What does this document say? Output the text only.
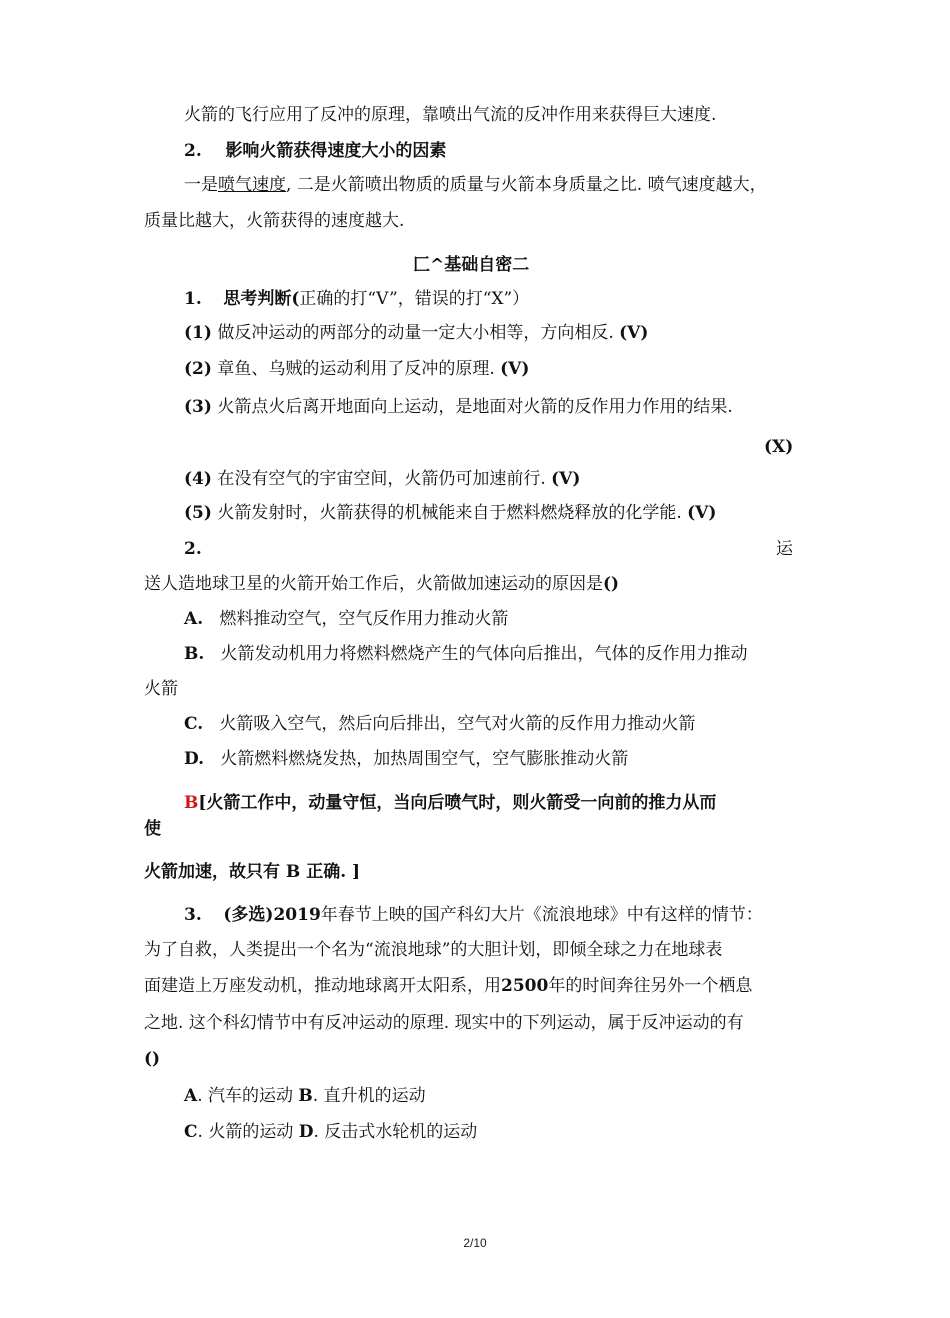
火箭的飞行应用了反冲的原理，靠喷出气流的反冲作用来获得巨大速度.
2. 影响火箭获得速度大小的因素
一是喷气速度, 二是火箭喷出物质的质量与火箭本身质量之比. 喷气速度越大，
质量比越大，火箭获得的速度越大.
匚^基础自密二
1. 思考判断(正确的打“V”，错误的打“X”）
(1) 做反冲运动的两部分的动量一定大小相等，方向相反. (V)
(2) 章鱼、乌贼的运动利用了反冲的原理. (V)
(3) 火箭点火后离开地面向上运动，是地面对火箭的反作用力作用的结果.
(X)
(4) 在没有空气的宇宙空间，火箭仍可加速前行. (V)
(5) 火箭发射时，火箭获得的机械能来自于燃料燃烧释放的化学能. (V)
2.	运
送人造地球卫星的火箭开始工作后，火箭做加速运动的原因是()
A. 燃料推动空气，空气反作用力推动火箭
B. 火箭发动机用力将燃料燃烧产生的气体向后推出，气体的反作用力推动
火箭
C. 火箭吸入空气，然后向后排出，空气对火箭的反作用力推动火箭
D. 火箭燃料燃烧发热，加热周围空气，空气膨胀推动火箭
B[火箭工作中，动量守恒，当向后喷气时，则火箭受一向前的推力从而
使
火箭加速，故只有 B 正确. ]
3. (多选)2019年春节上映的国产科幻大片《流浪地球》中有这样的情节：
为了自救，人类提出一个名为“流浪地球”的大胆计划，即倾全球之力在地球表
面建造上万座发动机，推动地球离开太阳系，用2500年的时间奔往另外一个栖息
之地. 这个科幻情节中有反冲运动的原理. 现实中的下列运动，属于反冲运动的有
()
A. 汽车的运动 B. 直升机的运动
C. 火箭的运动 D. 反击式水轮机的运动
2/10
